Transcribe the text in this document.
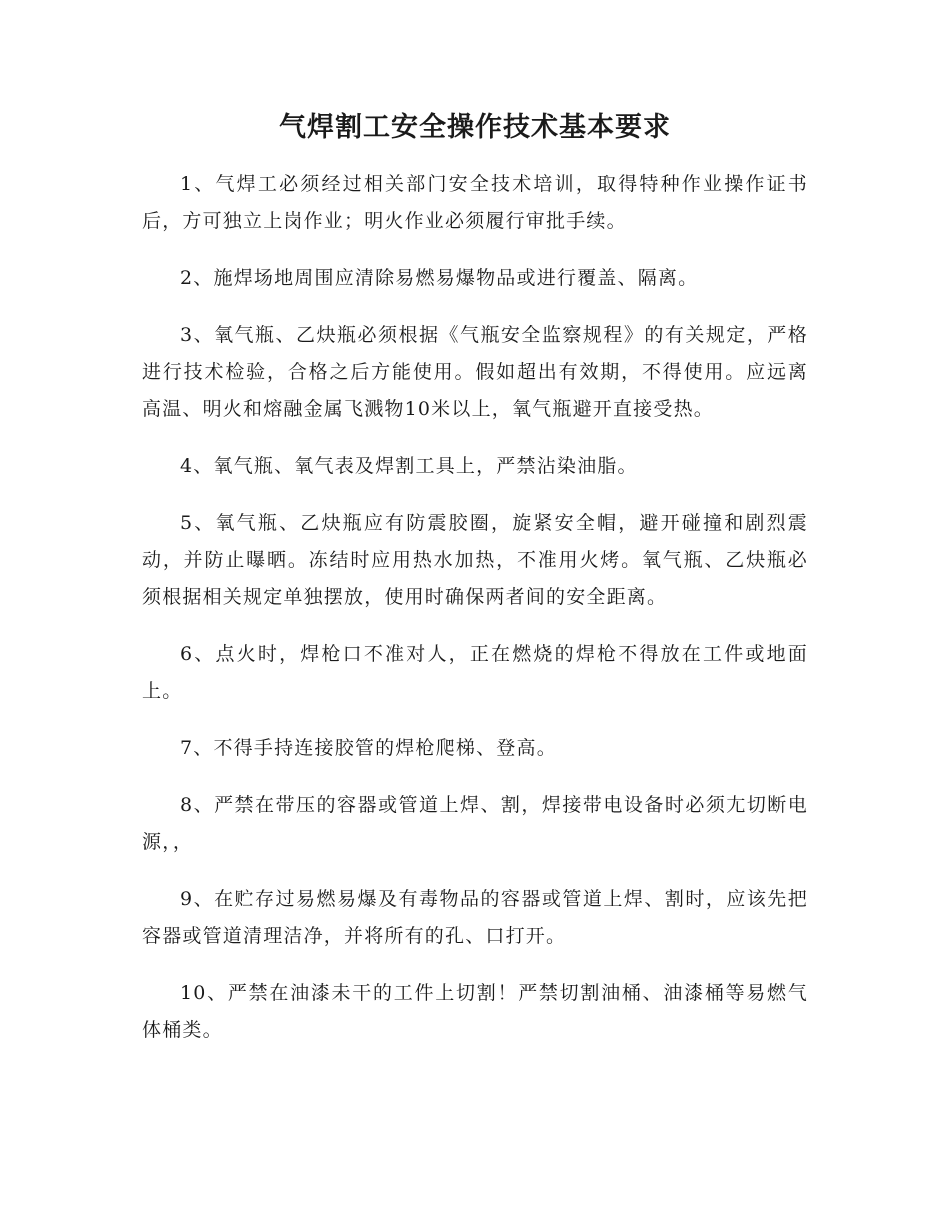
气焊割工安全操作技术基本要求

1、气焊工必须经过相关部门安全技术培训，取得特种作业操作证书后，方可独立上岗作业；明火作业必须履行审批手续。

2、施焊场地周围应清除易燃易爆物品或进行覆盖、隔离。

3、氧气瓶、乙炔瓶必须根据《气瓶安全监察规程》的有关规定，严格进行技术检验，合格之后方能使用。假如超出有效期，不得使用。应远离高温、明火和熔融金属飞溅物10米以上，氧气瓶避开直接受热。

4、氧气瓶、氧气表及焊割工具上，严禁沾染油脂。

5、氧气瓶、乙炔瓶应有防震胶圈，旋紧安全帽，避开碰撞和剧烈震动，并防止曝晒。冻结时应用热水加热，不准用火烤。氧气瓶、乙炔瓶必须根据相关规定单独摆放，使用时确保两者间的安全距离。

6、点火时，焊枪口不准对人，正在燃烧的焊枪不得放在工件或地面上。

7、不得手持连接胶管的焊枪爬梯、登高。

8、严禁在带压的容器或管道上焊、割，焊接带电设备时必须尢切断电源，，

9、在贮存过易燃易爆及有毒物品的容器或管道上焊、割时，应该先把容器或管道清理洁净，并将所有的孔、口打开。

10、严禁在油漆未干的工件上切割！严禁切割油桶、油漆桶等易燃气体桶类。
